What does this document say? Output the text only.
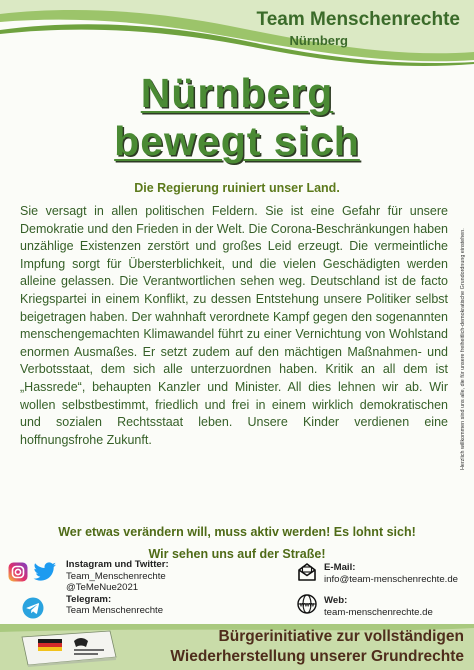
Team Menschenrechte
Nürnberg
Nürnberg
bewegt sich
Die Regierung ruiniert unser Land.
Sie versagt in allen politischen Feldern. Sie ist eine Gefahr für unsere Demokratie und den Frieden in der Welt. Die Corona-Beschränkungen haben unzählige Existenzen zerstört und großes Leid erzeugt. Die vermeintliche Impfung sorgt für Übersterblichkeit, und die vielen Geschädigten werden alleine gelassen. Die Verantwortlichen sehen weg. Deutschland ist de facto Kriegspartei in einem Konflikt, zu dessen Entstehung unsere Politiker selbst beigetragen haben. Der wahnhaft verordnete Kampf gegen den sogenannten menschengemachten Klimawandel führt zu einer Vernichtung von Wohlstand enormen Ausmaßes. Er setzt zudem auf den mächtigen Maßnahmen- und Verbotsstaat, dem sich alle unterzuordnen haben. Kritik an all dem ist „Hassrede“, behaupten Kanzler und Minister. All dies lehnen wir ab. Wir wollen selbstbestimmt, friedlich und frei in einem wirklich demokratischen und sozialen Rechtsstaat leben. Unsere Kinder verdienen eine hoffnungsfrohe Zukunft.
Wer etwas verändern will, muss aktiv werden! Es lohnt sich!
Wir sehen uns auf der Straße!
Herzlich willkommen sind uns alle, die für unsere freiheitlich-demokratische Grundordnung einstehen.
Instagram und Twitter:
Team_Menschenrechte
@TeMeNue2021
Telegram:
Team Menschenrechte
E-Mail:
info@team-menschenrechte.de
www Web:
team-menschenrechte.de
Bürgerinitiative zur vollständigen
Wiederherstellung unserer Grundrechte
